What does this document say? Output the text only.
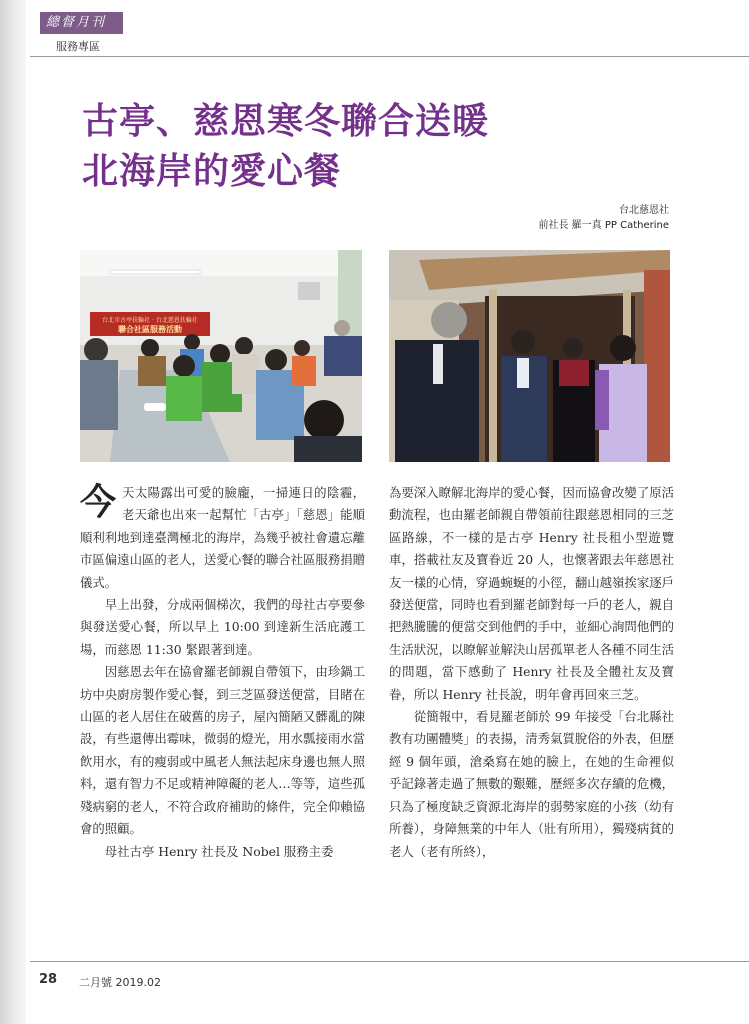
總督月刊
服務專區
古亭、慈恩寒冬聯合送暖
北海岸的愛心餐
台北慈恩社
前社長 羅一真 PP Catherine
台北市古亭扶輪社 · 台北慈恩扶輪社
聯合社區服務活動

今天太陽露出可愛的臉龐，一掃連日的陰霾，老天爺也出來一起幫忙「古亭」「慈恩」能順順利利地到達臺灣極北的海岸，為幾乎被社會遺忘離市區偏遠山區的老人，送愛心餐的聯合社區服務捐贈儀式。

早上出發，分成兩個梯次，我們的母社古亭要參與發送愛心餐，所以早上 10:00 到達新生活庇護工場，而慈恩 11:30 緊跟著到達。

因慈恩去年在協會羅老師親自帶領下，由珍鍋工坊中央廚房製作愛心餐，到三芝區發送便當，目睹在山區的老人居住在破舊的房子，屋內簡陋又髒亂的陳設，有些還傳出霉味，微弱的燈光，用水瓢接雨水當飲用水，有的瘦弱或中風老人無法起床身邊也無人照料，還有智力不足或精神障礙的老人…等等，這些孤殘病窮的老人，不符合政府補助的條件，完全仰賴協會的照顧。

母社古亭 Henry 社長及 Nobel 服務主委

為要深入瞭解北海岸的愛心餐，因而協會改變了原活動流程，也由羅老師親自帶領前往跟慈恩相同的三芝區路線，不一樣的是古亭 Henry 社長租小型遊覽車，搭載社友及寶眷近 20 人，也懷著跟去年慈恩社友一樣的心情，穿過蜿蜒的小徑，翻山越嶺挨家逐戶發送便當，同時也看到羅老師對每一戶的老人，親自把熱騰騰的便當交到他們的手中，並細心詢問他們的生活狀況，以瞭解並解決山居孤單老人各種不同生活的問題，當下感動了 Henry 社長及全體社友及寶眷，所以 Henry 社長說，明年會再回來三芝。

從簡報中，看見羅老師於 99 年接受「台北縣社教有功團體獎」的表揚，清秀氣質脫俗的外表，但歷經 9 個年頭，滄桑寫在她的臉上，在她的生命裡似乎記錄著走過了無數的艱難，歷經多次存續的危機，只為了極度缺乏資源北海岸的弱勢家庭的小孩（幼有所養），身障無業的中年人（壯有所用），獨殘病貧的老人（老有所終），

28 二月號 2019.02
